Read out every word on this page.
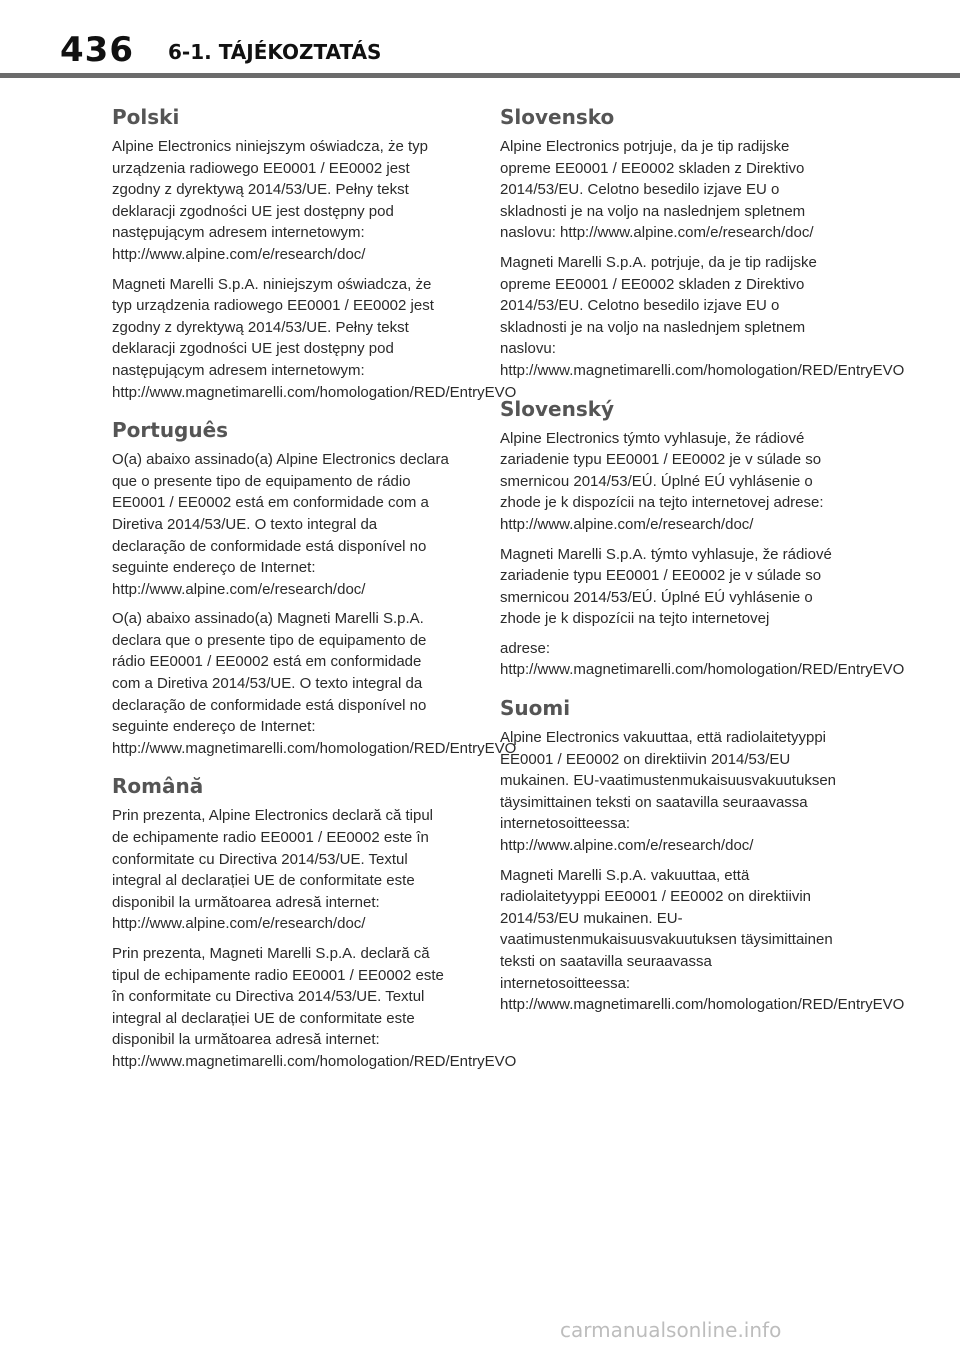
436 6-1. TÁJÉKOZTATÁS
Polski

Alpine Electronics niniejszym oświadcza, że typ urządzenia radiowego EE0001 / EE0002 jest zgodny z dyrektywą 2014/53/UE. Pełny tekst deklaracji zgodności UE jest dostępny pod następującym adresem internetowym: http://www.alpine.com/e/research/doc/

Magneti Marelli S.p.A. niniejszym oświadcza, że typ urządzenia radiowego EE0001 / EE0002 jest zgodny z dyrektywą 2014/53/UE. Pełny tekst deklaracji zgodności UE jest dostępny pod następującym adresem internetowym: http://www.magnetimarelli.com/homologation/RED/EntryEVO

Português

O(a) abaixo assinado(a) Alpine Electronics declara que o presente tipo de equipamento de rádio EE0001 / EE0002 está em conformidade com a Diretiva 2014/53/UE. O texto integral da declaração de conformidade está disponível no seguinte endereço de Internet: http://www.alpine.com/e/research/doc/

O(a) abaixo assinado(a) Magneti Marelli S.p.A. declara que o presente tipo de equipamento de rádio EE0001 / EE0002 está em conformidade com a Diretiva 2014/53/UE. O texto integral da declaração de conformidade está disponível no seguinte endereço de Internet: http://www.magnetimarelli.com/homologation/RED/EntryEVO

Română

Prin prezenta, Alpine Electronics declară că tipul de echipamente radio EE0001 / EE0002 este în conformitate cu Directiva 2014/53/UE. Textul integral al declarației UE de conformitate este disponibil la următoarea adresă internet: http://www.alpine.com/e/research/doc/

Prin prezenta, Magneti Marelli S.p.A. declară că tipul de echipamente radio EE0001 / EE0002 este în conformitate cu Directiva 2014/53/UE. Textul integral al declarației UE de conformitate este disponibil la următoarea adresă internet: http://www.magnetimarelli.com/homologation/RED/EntryEVO

Slovensko

Alpine Electronics potrjuje, da je tip radijske opreme EE0001 / EE0002 skladen z Direktivo 2014/53/EU. Celotno besedilo izjave EU o skladnosti je na voljo na naslednjem spletnem naslovu: http://www.alpine.com/e/research/doc/

Magneti Marelli S.p.A. potrjuje, da je tip radijske opreme EE0001 / EE0002 skladen z Direktivo 2014/53/EU. Celotno besedilo izjave EU o skladnosti je na voljo na naslednjem spletnem naslovu: http://www.magnetimarelli.com/homologation/RED/EntryEVO

Slovenský

Alpine Electronics týmto vyhlasuje, že rádiové zariadenie typu EE0001 / EE0002 je v súlade so smernicou 2014/53/EÚ. Úplné EÚ vyhlásenie o zhode je k dispozícii na tejto internetovej adrese: http://www.alpine.com/e/research/doc/

Magneti Marelli S.p.A. týmto vyhlasuje, že rádiové zariadenie typu EE0001 / EE0002 je v súlade so smernicou 2014/53/EÚ. Úplné EÚ vyhlásenie o zhode je k dispozícii na tejto internetovej

adrese: http://www.magnetimarelli.com/homologation/RED/EntryEVO

Suomi

Alpine Electronics vakuuttaa, että radiolaitetyyppi EE0001 / EE0002 on direktiivin 2014/53/EU mukainen. EU-vaatimustenmukaisuusvakuutuksen täysimittainen teksti on saatavilla seuraavassa internetosoitteessa: http://www.alpine.com/e/research/doc/

Magneti Marelli S.p.A. vakuuttaa, että radiolaitetyyppi EE0001 / EE0002 on direktiivin 2014/53/EU mukainen. EU-vaatimustenmukaisuusvakuutuksen täysimittainen teksti on saatavilla seuraavassa internetosoitteessa: http://www.magnetimarelli.com/homologation/RED/EntryEVO

carmanualsonline.info
